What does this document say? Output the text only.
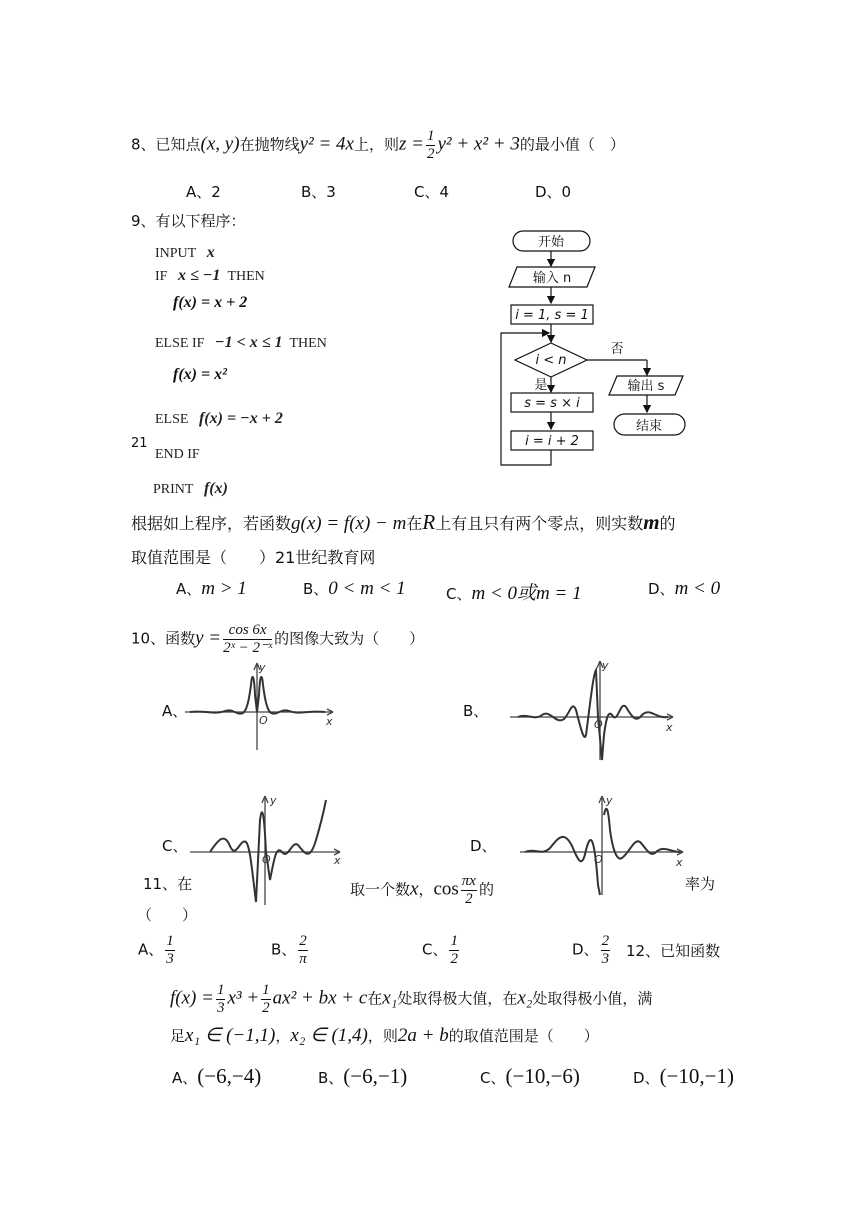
8、已知点(x, y)在抛物线y² = 4x上，则$z = \frac{1}{2} y^2 + x^2 + 3$的最小值（　）
A、2	B、3	C、4	D、0
9、有以下程序：
INPUT x
IF x ≤ −1 THEN
f(x) = x + 2
ELSE IF −1 < x ≤ 1 THEN
f(x) = x²
ELSE f(x) = −x + 2
21
END IF
PRINT f(x)
开始
输入 n
i = 1, s = 1
i < n
否
是
s = s × i
i = i + 2
输出 s
结束
根据如上程序，若函数g(x) = f(x) − m在R上有且只有两个零点，则实数m的
取值范围是（　　）21世纪教育网
A、m > 1	B、0 < m < 1	C、m < 0或m = 1	D、m < 0
10、函数$y = \frac{\cos 6x}{\text{2ˣ − 2⁻ˣ}}$ 的图像大致为（　　）
A、	B、
C、	D、
y
x
O
y
x
O
y
x
O
y
x
O
11、在	取一个数x，$\cos \frac{\pi x}{2}$ 的	率为
（　　）
A、 $\frac{1}{3}$	B、 $\frac{2}{\pi}$	C、 $\frac{1}{2}$	D、 $\frac{2}{3} 12$、已知函数
$f(x) = \frac{1}{3} x^3 + \frac{1}{2} ax^2$ + bx + c在x₁处取得极大值，在x₂处取得极小值，满
足x₁ ∈ (−1,1)，x₂ ∈ (1,4)，则2a + b的取值范围是（　　）
A、(−6,−4)	B、(−6,−1)	C、(−10,−6)	D、(−10,−1)
